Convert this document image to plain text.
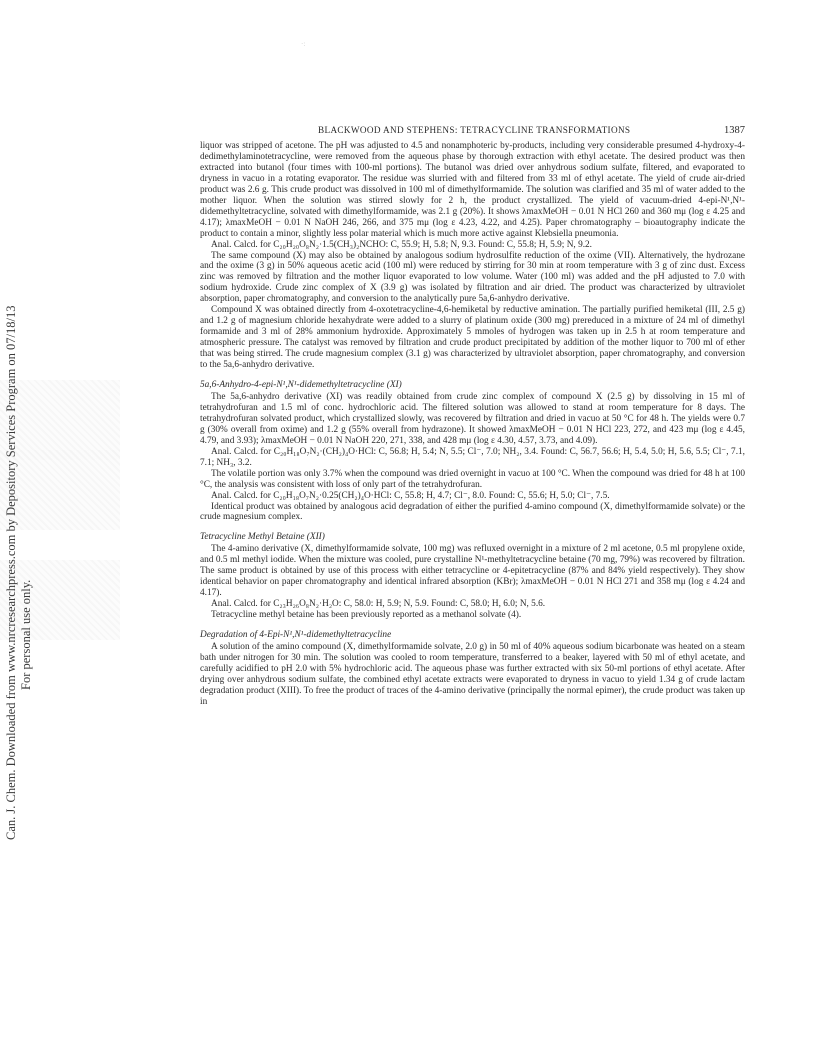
·:
Can. J. Chem. Downloaded from www.nrcresearchpress.com by Depository Services Program on 07/18/13 For personal use only.
BLACKWOOD AND STEPHENS: TETRACYCLINE TRANSFORMATIONS	1387

liquor was stripped of acetone. The pH was adjusted to 4.5 and nonamphoteric by-products, including very considerable presumed 4-hydroxy-4-dedimethylaminotetracycline, were removed from the aqueous phase by thorough extraction with ethyl acetate. The desired product was then extracted into butanol (four times with 100-ml portions). The butanol was dried over anhydrous sodium sulfate, filtered, and evaporated to dryness in vacuo in a rotating evaporator. The residue was slurried with and filtered from 33 ml of ethyl acetate. The yield of crude air-dried product was 2.6 g. This crude product was dissolved in 100 ml of dimethylformamide. The solution was clarified and 35 ml of water added to the mother liquor. When the solution was stirred slowly for 2 h, the product crystallized. The yield of vacuum-dried 4-epi-N¹,N¹-didemethyltetracycline, solvated with dimethylformamide, was 2.1 g (20%). It shows λmaxMeOH − 0.01 N HCl 260 and 360 mμ (log ε 4.25 and 4.17); λmaxMeOH − 0.01 N NaOH 246, 266, and 375 mμ (log ε 4.23, 4.22, and 4.25). Paper chromatography – bioautography indicate the product to contain a minor, slightly less polar material which is much more active against Klebsiella pneumonia.

Anal. Calcd. for C₂₀H₂₀O₈N₂·1.5(CH₃)₂NCHO: C, 55.9; H, 5.8; N, 9.3. Found: C, 55.8; H, 5.9; N, 9.2.

The same compound (X) may also be obtained by analogous sodium hydrosulfite reduction of the oxime (VII). Alternatively, the hydrozane and the oxime (3 g) in 50% aqueous acetic acid (100 ml) were reduced by stirring for 30 min at room temperature with 3 g of zinc dust. Excess zinc was removed by filtration and the mother liquor evaporated to low volume. Water (100 ml) was added and the pH adjusted to 7.0 with sodium hydroxide. Crude zinc complex of X (3.9 g) was isolated by filtration and air dried. The product was characterized by ultraviolet absorption, paper chromatography, and conversion to the analytically pure 5a,6-anhydro derivative.

Compound X was obtained directly from 4-oxotetracycline-4,6-hemiketal by reductive amination. The partially purified hemiketal (III, 2.5 g) and 1.2 g of magnesium chloride hexahydrate were added to a slurry of platinum oxide (300 mg) prereduced in a mixture of 24 ml of dimethyl formamide and 3 ml of 28% ammonium hydroxide. Approximately 5 mmoles of hydrogen was taken up in 2.5 h at room temperature and atmospheric pressure. The catalyst was removed by filtration and crude product precipitated by addition of the mother liquor to 700 ml of ether that was being stirred. The crude magnesium complex (3.1 g) was characterized by ultraviolet absorption, paper chromatography, and conversion to the 5a,6-anhydro derivative.

5a,6-Anhydro-4-epi-N¹,N¹-didemethyltetracycline (XI)

The 5a,6-anhydro derivative (XI) was readily obtained from crude zinc complex of compound X (2.5 g) by dissolving in 15 ml of tetrahydrofuran and 1.5 ml of conc. hydrochloric acid. The filtered solution was allowed to stand at room temperature for 8 days. The tetrahydrofuran solvated product, which crystallized slowly, was recovered by filtration and dried in vacuo at 50 °C for 48 h. The yields were 0.7 g (30% overall from oxime) and 1.2 g (55% overall from hydrazone). It showed λmaxMeOH − 0.01 N HCl 223, 272, and 423 mμ (log ε 4.45, 4.79, and 3.93); λmaxMeOH − 0.01 N NaOH 220, 271, 338, and 428 mμ (log ε 4.30, 4.57, 3.73, and 4.09).

Anal. Calcd. for C₂₀H₁₈O₇N₂·(CH₂)₄O·HCl: C, 56.8; H, 5.4; N, 5.5; Cl⁻, 7.0; NH₂, 3.4. Found: C, 56.7, 56.6; H, 5.4, 5.0; H, 5.6, 5.5; Cl⁻, 7.1, 7.1; NH₃, 3.2.

The volatile portion was only 3.7% when the compound was dried overnight in vacuo at 100 °C. When the compound was dried for 48 h at 100 °C, the analysis was consistent with loss of only part of the tetrahydrofuran.

Anal. Calcd. for C₂₀H₁₈O₇N₂·0.25(CH₂)₄O·HCl: C, 55.8; H, 4.7; Cl⁻, 8.0. Found: C, 55.6; H, 5.0; Cl⁻, 7.5.

Identical product was obtained by analogous acid degradation of either the purified 4-amino compound (X, dimethylformamide solvate) or the crude magnesium complex.

Tetracycline Methyl Betaine (XII)

The 4-amino derivative (X, dimethylformamide solvate, 100 mg) was refluxed overnight in a mixture of 2 ml acetone, 0.5 ml propylene oxide, and 0.5 ml methyl iodide. When the mixture was cooled, pure crystalline N¹-methyltetracycline betaine (70 mg, 79%) was recovered by filtration. The same product is obtained by use of this process with either tetracycline or 4-epitetracycline (87% and 84% yield respectively). They show identical behavior on paper chromatography and identical infrared absorption (KBr); λmaxMeOH − 0.01 N HCl 271 and 358 mμ (log ε 4.24 and 4.17).

Anal. Calcd. for C₂₃H₂₆O₈N₂·H₂O: C, 58.0: H, 5.9; N, 5.9. Found: C, 58.0; H, 6.0; N, 5.6.

Tetracycline methyl betaine has been previously reported as a methanol solvate (4).

Degradation of 4-Epi-N¹,N¹-didemethyltetracycline

A solution of the amino compound (X, dimethylformamide solvate, 2.0 g) in 50 ml of 40% aqueous sodium bicarbonate was heated on a steam bath under nitrogen for 30 min. The solution was cooled to room temperature, transferred to a beaker, layered with 50 ml of ethyl acetate, and carefully acidified to pH 2.0 with 5% hydrochloric acid. The aqueous phase was further extracted with six 50-ml portions of ethyl acetate. After drying over anhydrous sodium sulfate, the combined ethyl acetate extracts were evaporated to dryness in vacuo to yield 1.34 g of crude lactam degradation product (XIII). To free the product of traces of the 4-amino derivative (principally the normal epimer), the crude product was taken up in
